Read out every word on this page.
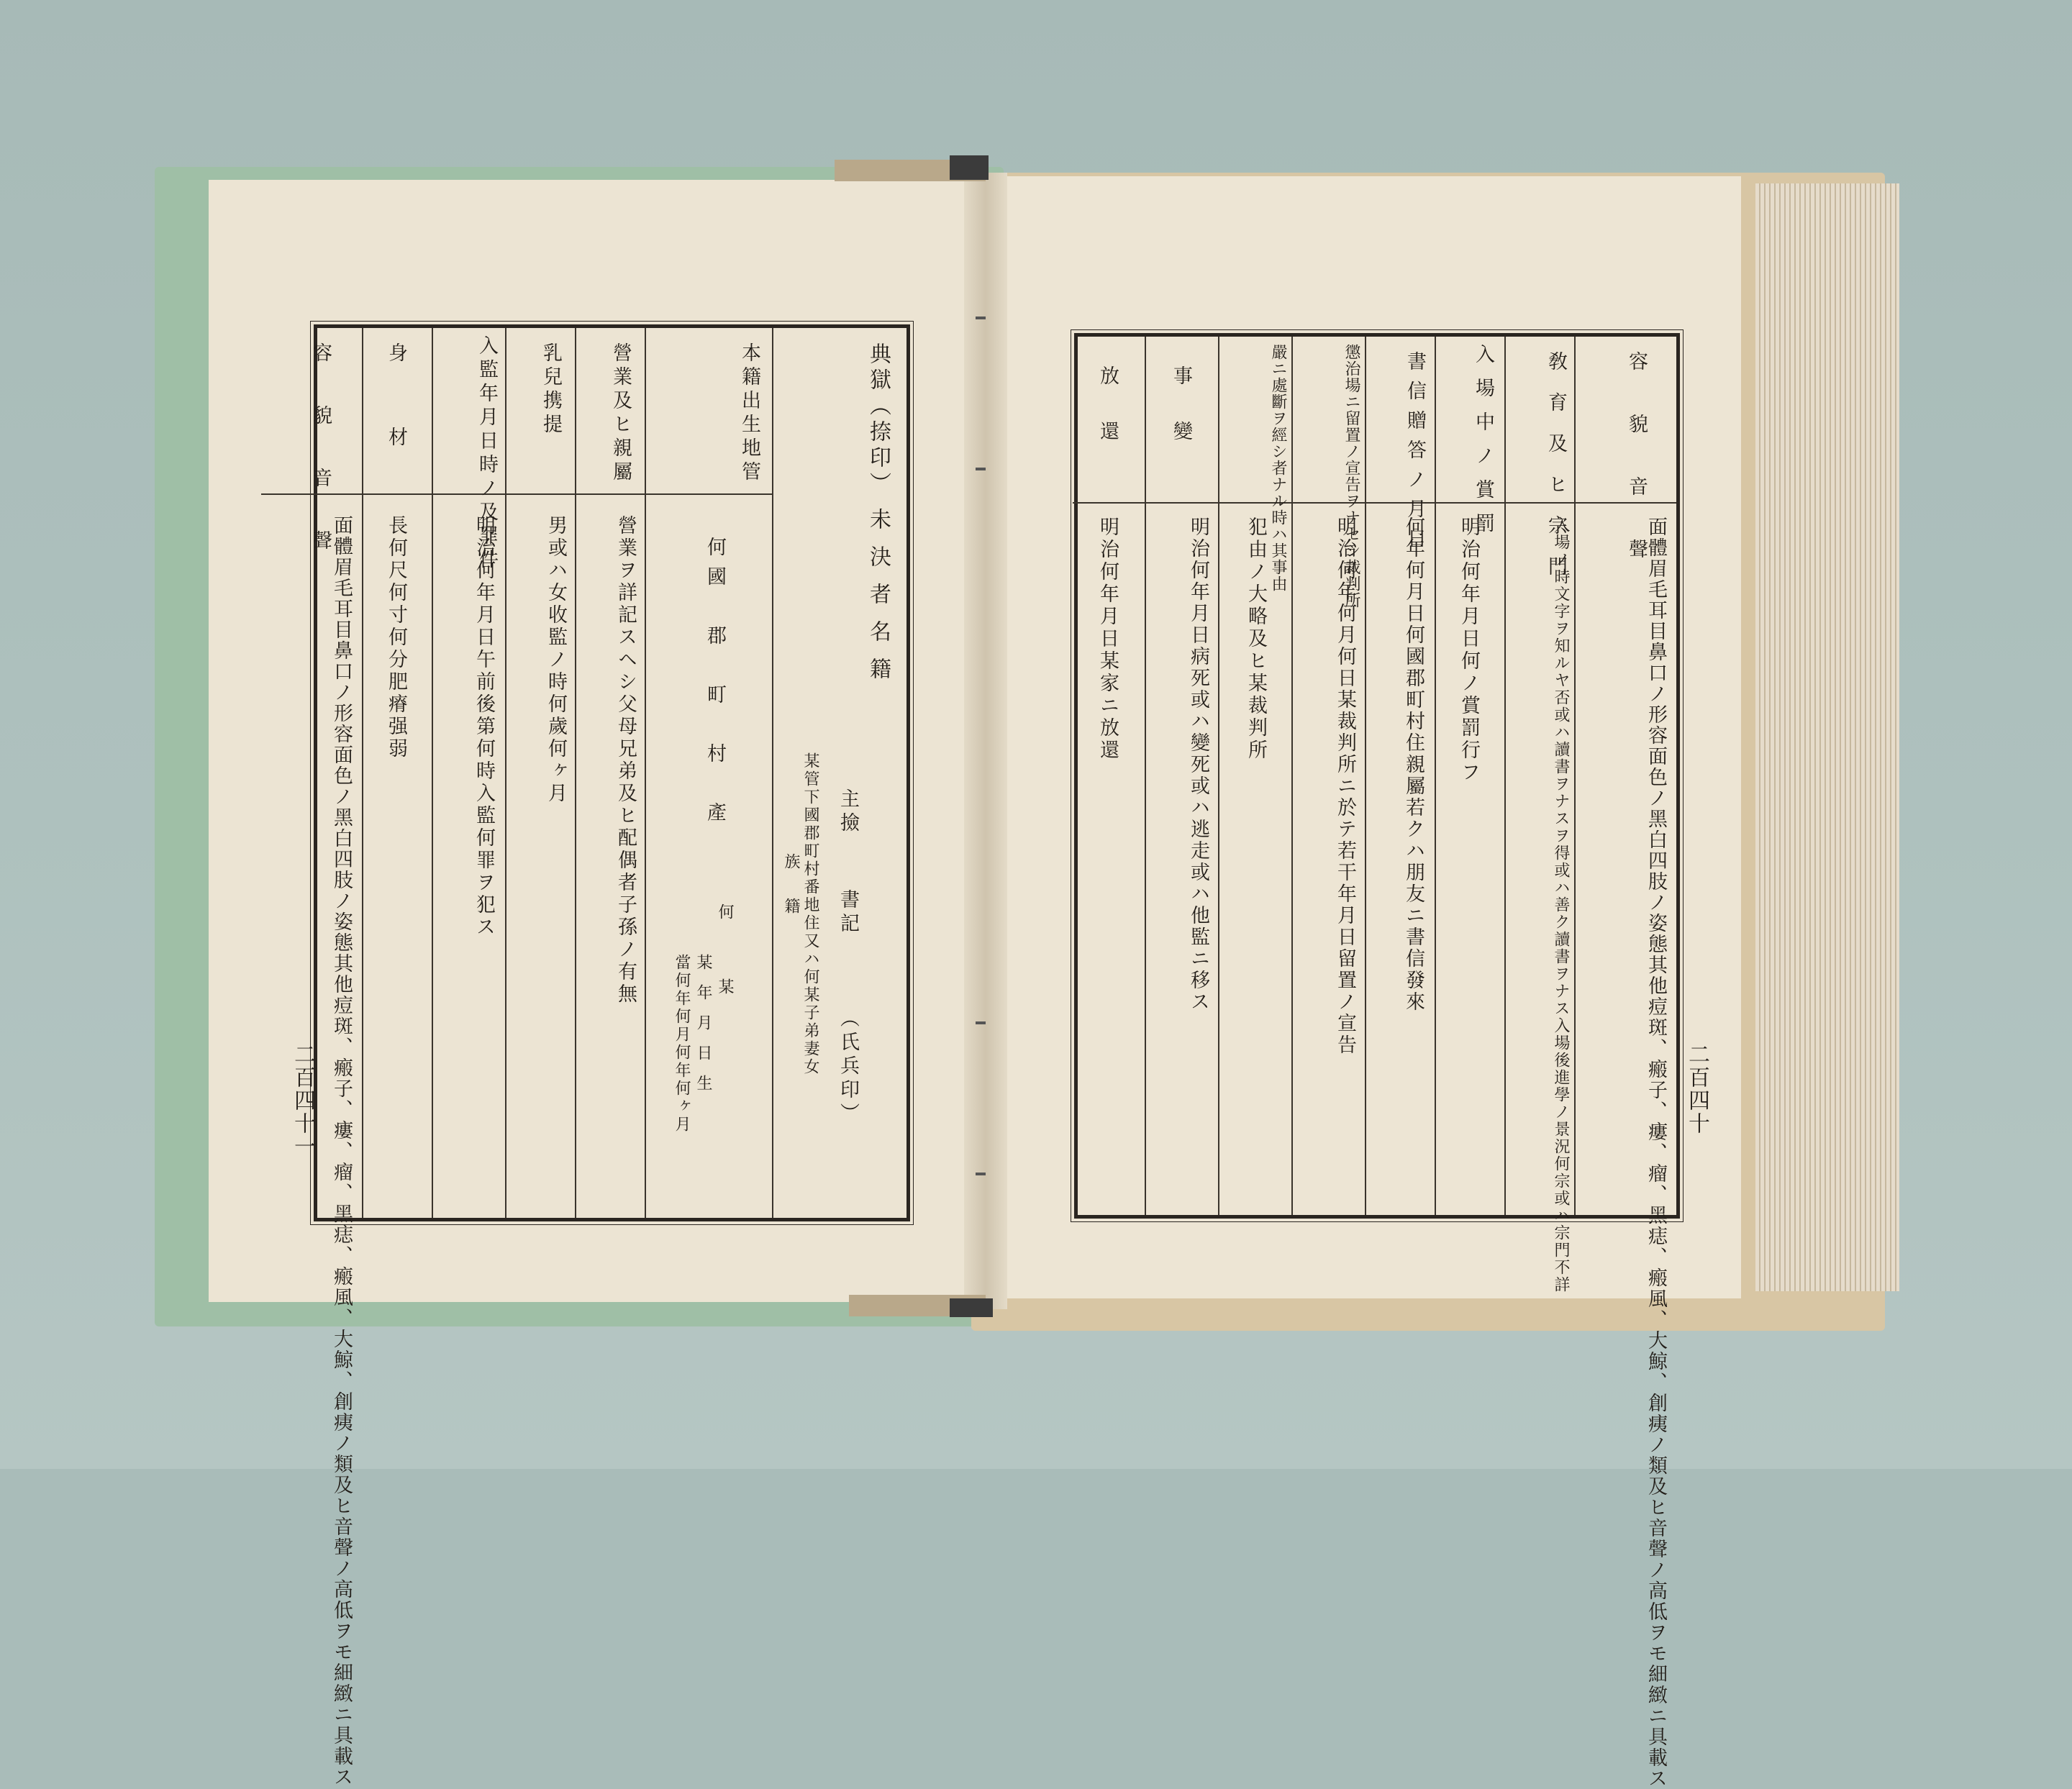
典獄（捺印）
未決者名籍
主撿
書記
（氏兵印）
某管下國郡町村番地住又ハ何某子弟妻女
族籍
本籍出生地管
何國　郡　町　村　產
何　某
某年月日生
當何年何月何年何ヶ月
營業及ヒ親屬
營業ヲ詳記スヘシ父母兄弟及ヒ配偶者子孫ノ有無
乳兒携提
男或ハ女收監ノ時何歲何ヶ月
入監年月日時ノ及罪件
明治何年月日午前後第何時入監何罪ヲ犯ス
身材
長何尺何寸何分肥瘠强弱
容貌音聲
面體眉毛耳目鼻口ノ形容面色ノ黑白四肢ノ姿態其他痘斑、瘢子、瘻、瘤、黑痣、瘢風、大鯨、創痍ノ類及ヒ音聲ノ高低ヲモ細緻ニ具載ス
二百四十一
容貌音聲
面體眉毛耳目鼻口ノ形容面色ノ黑白四肢ノ姿態其他痘斑、瘢子、瘻、瘤、黑痣、瘢風、大鯨、創痍ノ類及ヒ音聲ノ高低ヲモ細緻ニ具載ス
敎育及ヒ宗門
入場ノ時文字ヲ知ルヤ否或ハ讀書ヲナスヲ得或ハ善ク讀書ヲナス入場後進學ノ景況何宗或ハ宗門不詳
入場中ノ賞罰
明治何年月日何ノ賞罰行フ
書信贈答ノ月日
何年何月日何國郡町村住親屬若クハ朋友ニ書信發來
懲治場ニ留置ノ宣告ヲナセシ裁判所
明治何年何月何日某裁判所ニ於テ若干年月日留置ノ宣告
嚴ニ處斷ヲ經シ者ナル時ハ其事由
犯由ノ大略及ヒ某裁判所
事變
明治何年月日病死或ハ變死或ハ逃走或ハ他監ニ移ス
放還
明治何年月日某家ニ放還
二百四十
